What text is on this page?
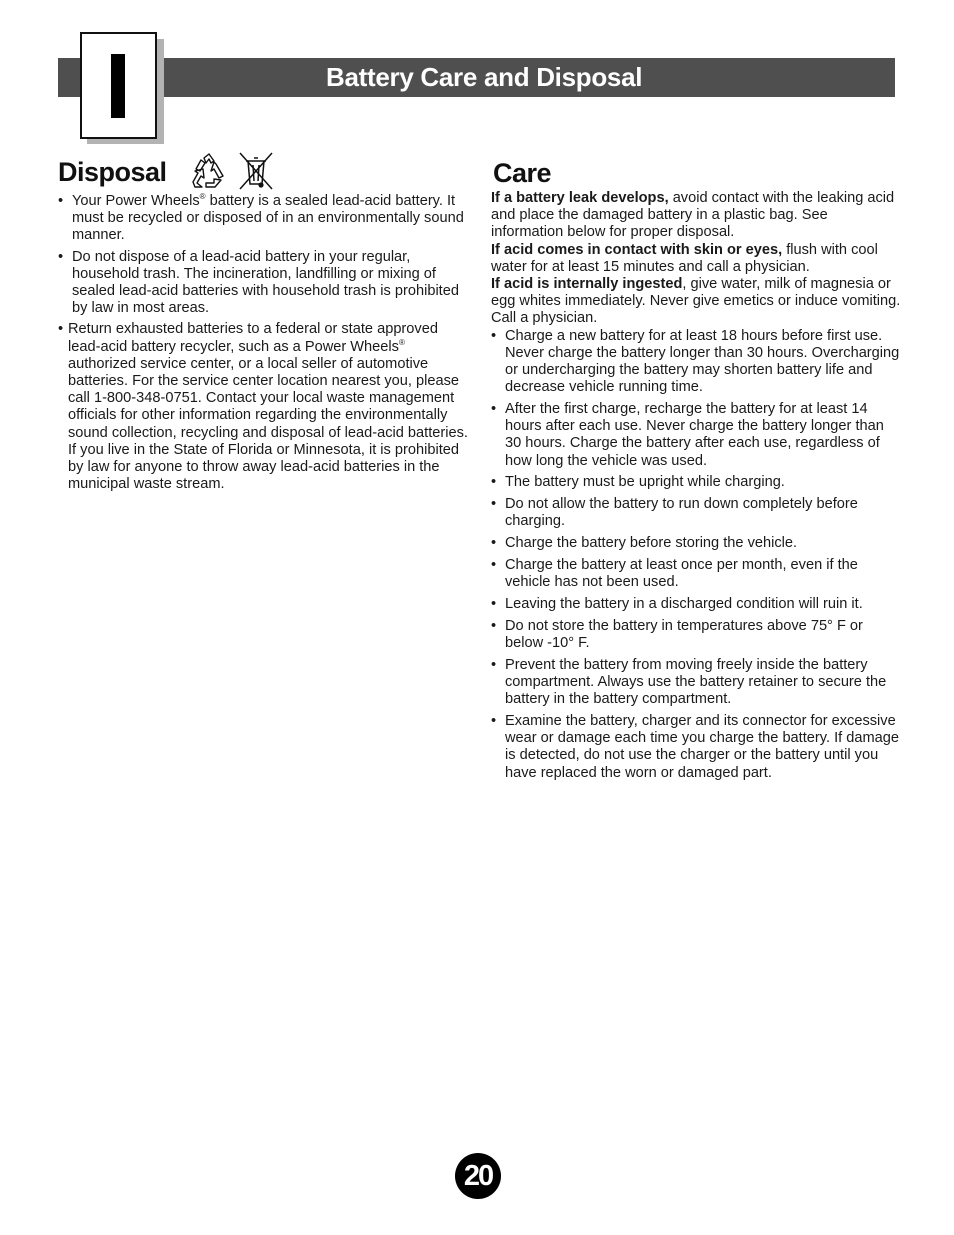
Battery Care and Disposal
Disposal
• Your Power Wheels® battery is a sealed lead-acid battery. It must be recycled or disposed of in an environmentally sound manner.
• Do not dispose of a lead-acid battery in your regular, household trash. The incineration, landfilling or mixing of sealed lead-acid batteries with household trash is prohibited by law in most areas.
• Return exhausted batteries to a federal or state approved lead-acid battery recycler, such as a Power Wheels® authorized service center, or a local seller of automotive batteries. For the service center location nearest you, please call 1-800-348-0751. Contact your local waste management officials for other information regarding the environmentally sound collection, recycling and disposal of lead-acid batteries. If you live in the State of Florida or Minnesota, it is prohibited by law for anyone to throw away lead-acid batteries in the municipal waste stream.
Care

If a battery leak develops, avoid contact with the leaking acid and place the damaged battery in a plastic bag. See information below for proper disposal.

If acid comes in contact with skin or eyes, flush with cool water for at least 15 minutes and call a physician.

If acid is internally ingested, give water, milk of magnesia or egg whites immediately. Never give emetics or induce vomiting. Call a physician.

• Charge a new battery for at least 18 hours before first use. Never charge the battery longer than 30 hours. Overcharging or undercharging the battery may shorten battery life and decrease vehicle running time.
• After the first charge, recharge the battery for at least 14 hours after each use. Never charge the battery longer than 30 hours. Charge the battery after each use, regardless of how long the vehicle was used.
• The battery must be upright while charging.
• Do not allow the battery to run down completely before charging.
• Charge the battery before storing the vehicle.
• Charge the battery at least once per month, even if the vehicle has not been used.
• Leaving the battery in a discharged condition will ruin it.
• Do not store the battery in temperatures above 75° F or below -10° F.
• Prevent the battery from moving freely inside the battery compartment. Always use the battery retainer to secure the battery in the battery compartment.
• Examine the battery, charger and its connector for excessive wear or damage each time you charge the battery. If damage is detected, do not use the charger or the battery until you have replaced the worn or damaged part.
20
